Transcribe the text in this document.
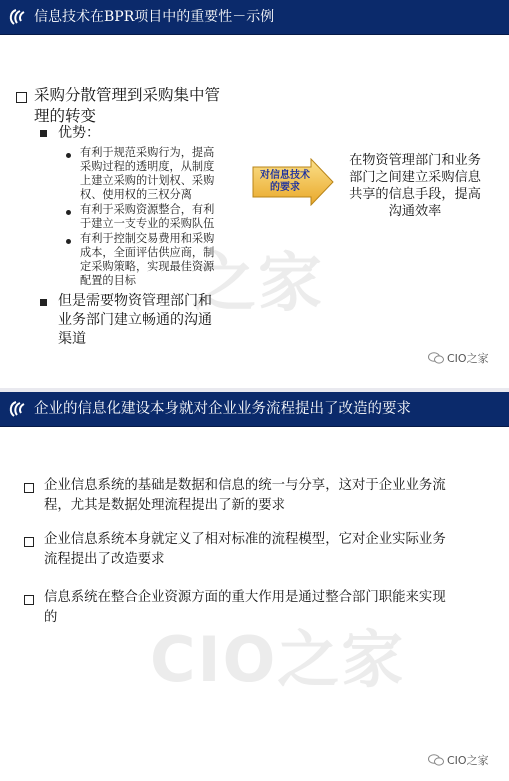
信息技术在BPR项目中的重要性－示例
之家
采购分散管理到采购集中管
理的转变
优势：
有利于规范采购行为，提高
采购过程的透明度，从制度
上建立采购的计划权、采购
权、使用权的三权分离
有利于采购资源整合，有利
于建立一支专业的采购队伍
有利于控制交易费用和采购
成本，全面评估供应商，制
定采购策略，实现最佳资源
配置的目标
但是需要物资管理部门和
业务部门建立畅通的沟通
渠道
对信息技术
的要求
在物资管理部门和业务
部门之间建立采购信息
共享的信息手段，提高
沟通效率
CIO之家
企业的信息化建设本身就对企业业务流程提出了改造的要求
CIO之家
企业信息系统的基础是数据和信息的统一与分享，这对于企业业务流
程，尤其是数据处理流程提出了新的要求
企业信息系统本身就定义了相对标准的流程模型，它对企业实际业务
流程提出了改造要求
信息系统在整合企业资源方面的重大作用是通过整合部门职能来实现
的
CIO之家
